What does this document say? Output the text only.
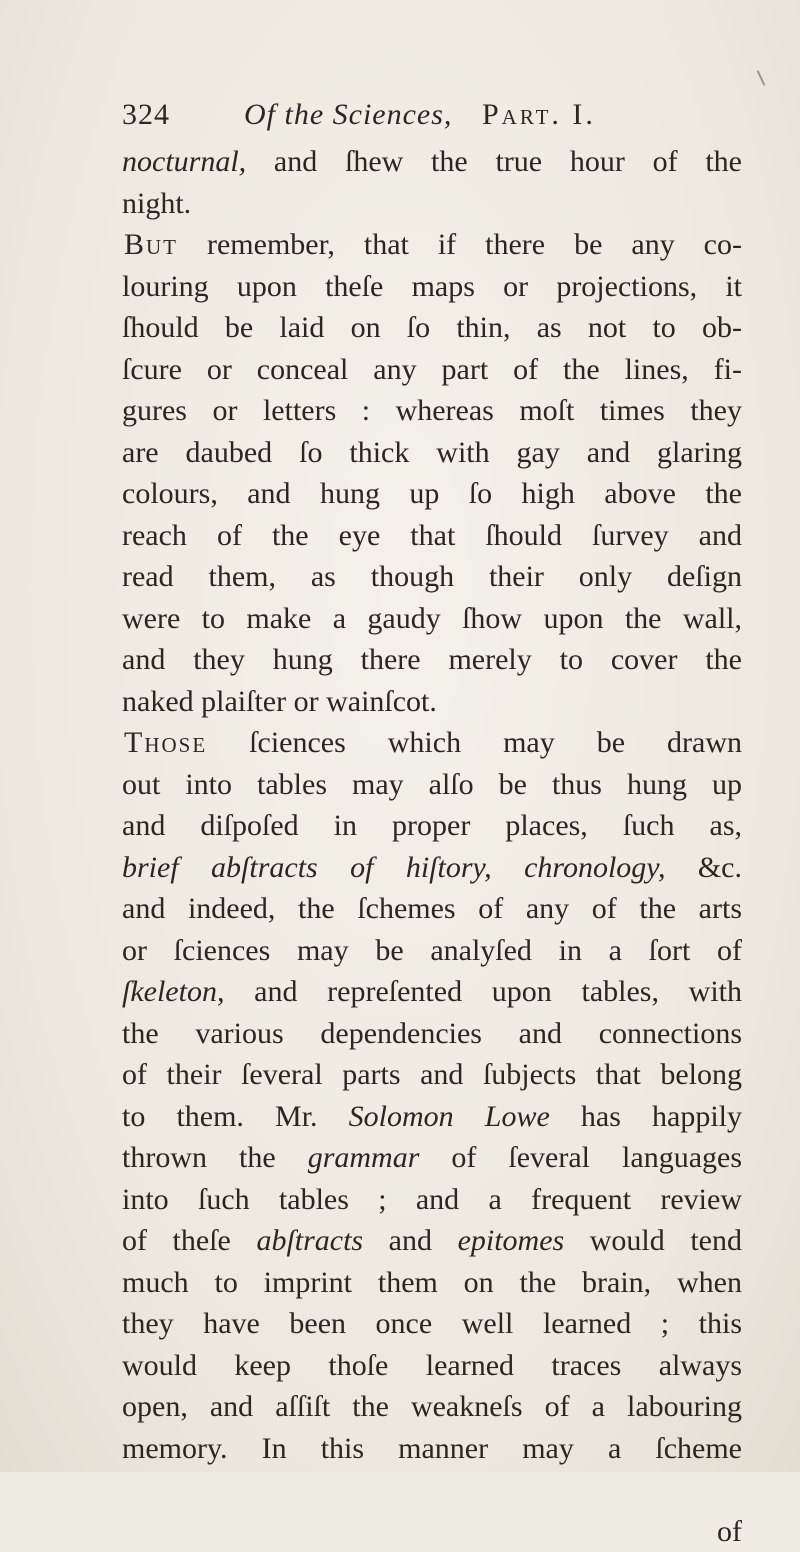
324 Of the Sciences, Part. I.
nocturnal, and ſhew the true hour of the
night.
But remember, that if there be any co-
louring upon theſe maps or projections, it
ſhould be laid on ſo thin, as not to ob-
ſcure or conceal any part of the lines, fi-
gures or letters : whereas moſt times they
are daubed ſo thick with gay and glaring
colours, and hung up ſo high above the
reach of the eye that ſhould ſurvey and
read them, as though their only deſign
were to make a gaudy ſhow upon the wall,
and they hung there merely to cover the
naked plaiſter or wainſcot.
Those ſciences which may be drawn
out into tables may alſo be thus hung up
and diſpoſed in proper places, ſuch as,
brief abſtracts of hiſtory, chronology, &c.
and indeed, the ſchemes of any of the arts
or ſciences may be analyſed in a ſort of
ſkeleton, and repreſented upon tables, with
the various dependencies and connections
of their ſeveral parts and ſubjects that belong
to them. Mr. Solomon Lowe has happily
thrown the grammar of ſeveral languages
into ſuch tables ; and a frequent review
of theſe abſtracts and epitomes would tend
much to imprint them on the brain, when
they have been once well learned ; this
would keep thoſe learned traces always
open, and aſſiſt the weakneſs of a labouring
memory. In this manner may a ſcheme
of
